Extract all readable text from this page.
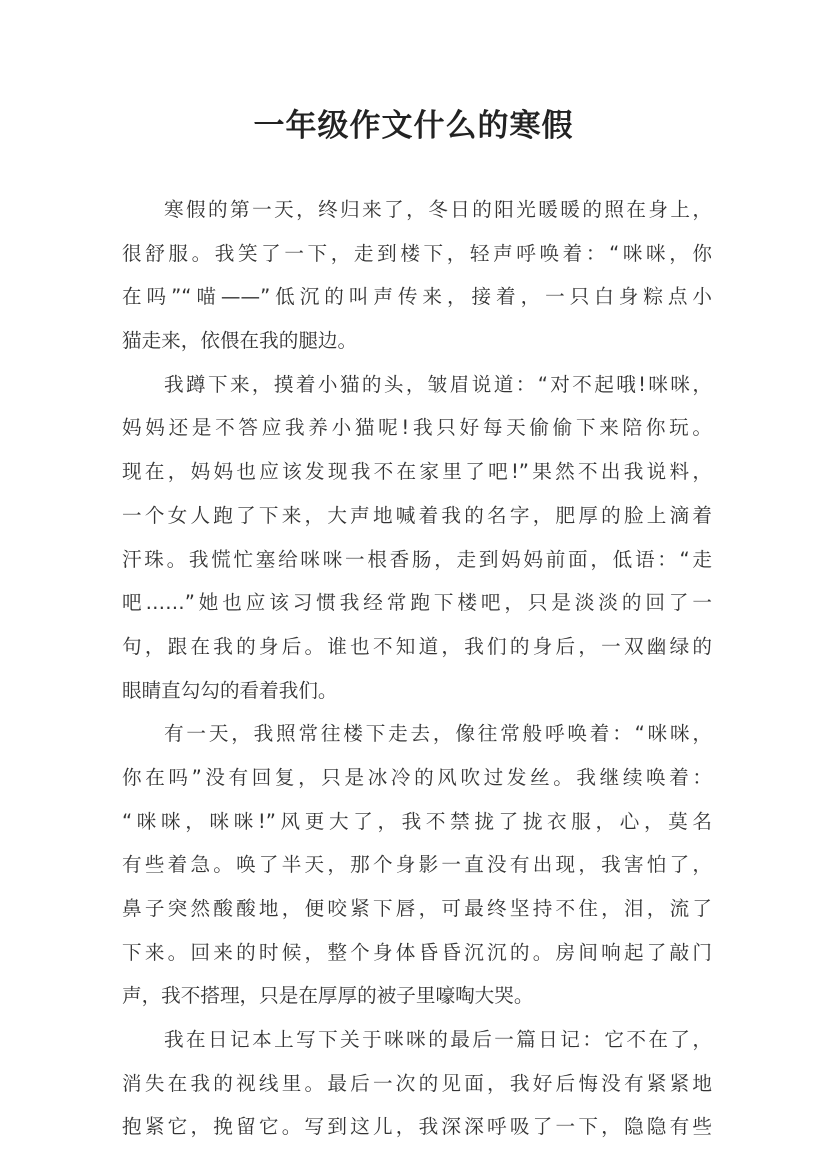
一年级作文什么的寒假
寒假的第一天，终归来了，冬日的阳光暖暖的照在身上，
很舒服。我笑了一下，走到楼下，轻声呼唤着：“咪咪，你
在吗”“喵——”低沉的叫声传来，接着，一只白身粽点小
猫走来，依偎在我的腿边。
我蹲下来，摸着小猫的头，皱眉说道：“对不起哦!咪咪，
妈妈还是不答应我养小猫呢!我只好每天偷偷下来陪你玩。
现在，妈妈也应该发现我不在家里了吧!”果然不出我说料，
一个女人跑了下来，大声地喊着我的名字，肥厚的脸上滴着
汗珠。我慌忙塞给咪咪一根香肠，走到妈妈前面，低语：“走
吧……”她也应该习惯我经常跑下楼吧，只是淡淡的回了一
句，跟在我的身后。谁也不知道，我们的身后，一双幽绿的
眼睛直勾勾的看着我们。
有一天，我照常往楼下走去，像往常般呼唤着：“咪咪，
你在吗”没有回复，只是冰冷的风吹过发丝。我继续唤着：
“咪咪，咪咪!”风更大了，我不禁拢了拢衣服，心，莫名
有些着急。唤了半天，那个身影一直没有出现，我害怕了，
鼻子突然酸酸地，便咬紧下唇，可最终坚持不住，泪，流了
下来。回来的时候，整个身体昏昏沉沉的。房间响起了敲门
声，我不搭理，只是在厚厚的被子里嚎啕大哭。
我在日记本上写下关于咪咪的最后一篇日记：它不在了，
消失在我的视线里。最后一次的见面，我好后悔没有紧紧地
抱紧它，挽留它。写到这儿，我深深呼吸了一下，隐隐有些
